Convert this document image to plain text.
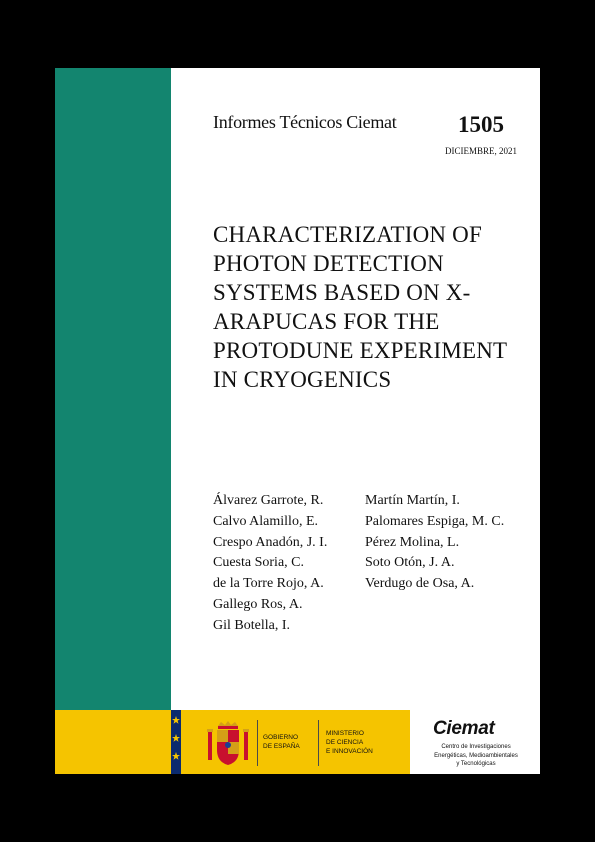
Informes Técnicos Ciemat	1505
DICIEMBRE, 2021
CHARACTERIZATION OF PHOTON DETECTION SYSTEMS BASED ON X-ARAPUCAS FOR THE PROTODUNE EXPERIMENT IN CRYOGENICS
Álvarez Garrote, R.
Calvo Alamillo, E.
Crespo Anadón, J. I.
Cuesta Soria, C.
de la Torre Rojo, A.
Gallego Ros, A.
Gil Botella, I.
Martín Martín, I.
Palomares Espiga, M. C.
Pérez Molina, L.
Soto Otón, J. A.
Verdugo de Osa, A.
GOBIERNO
DE ESPAÑA
MINISTERIO
DE CIENCIA
E INNOVACIÓN
Ciemat
Centro de Investigaciones
Energéticas, Medioambientales
y Tecnológicas
